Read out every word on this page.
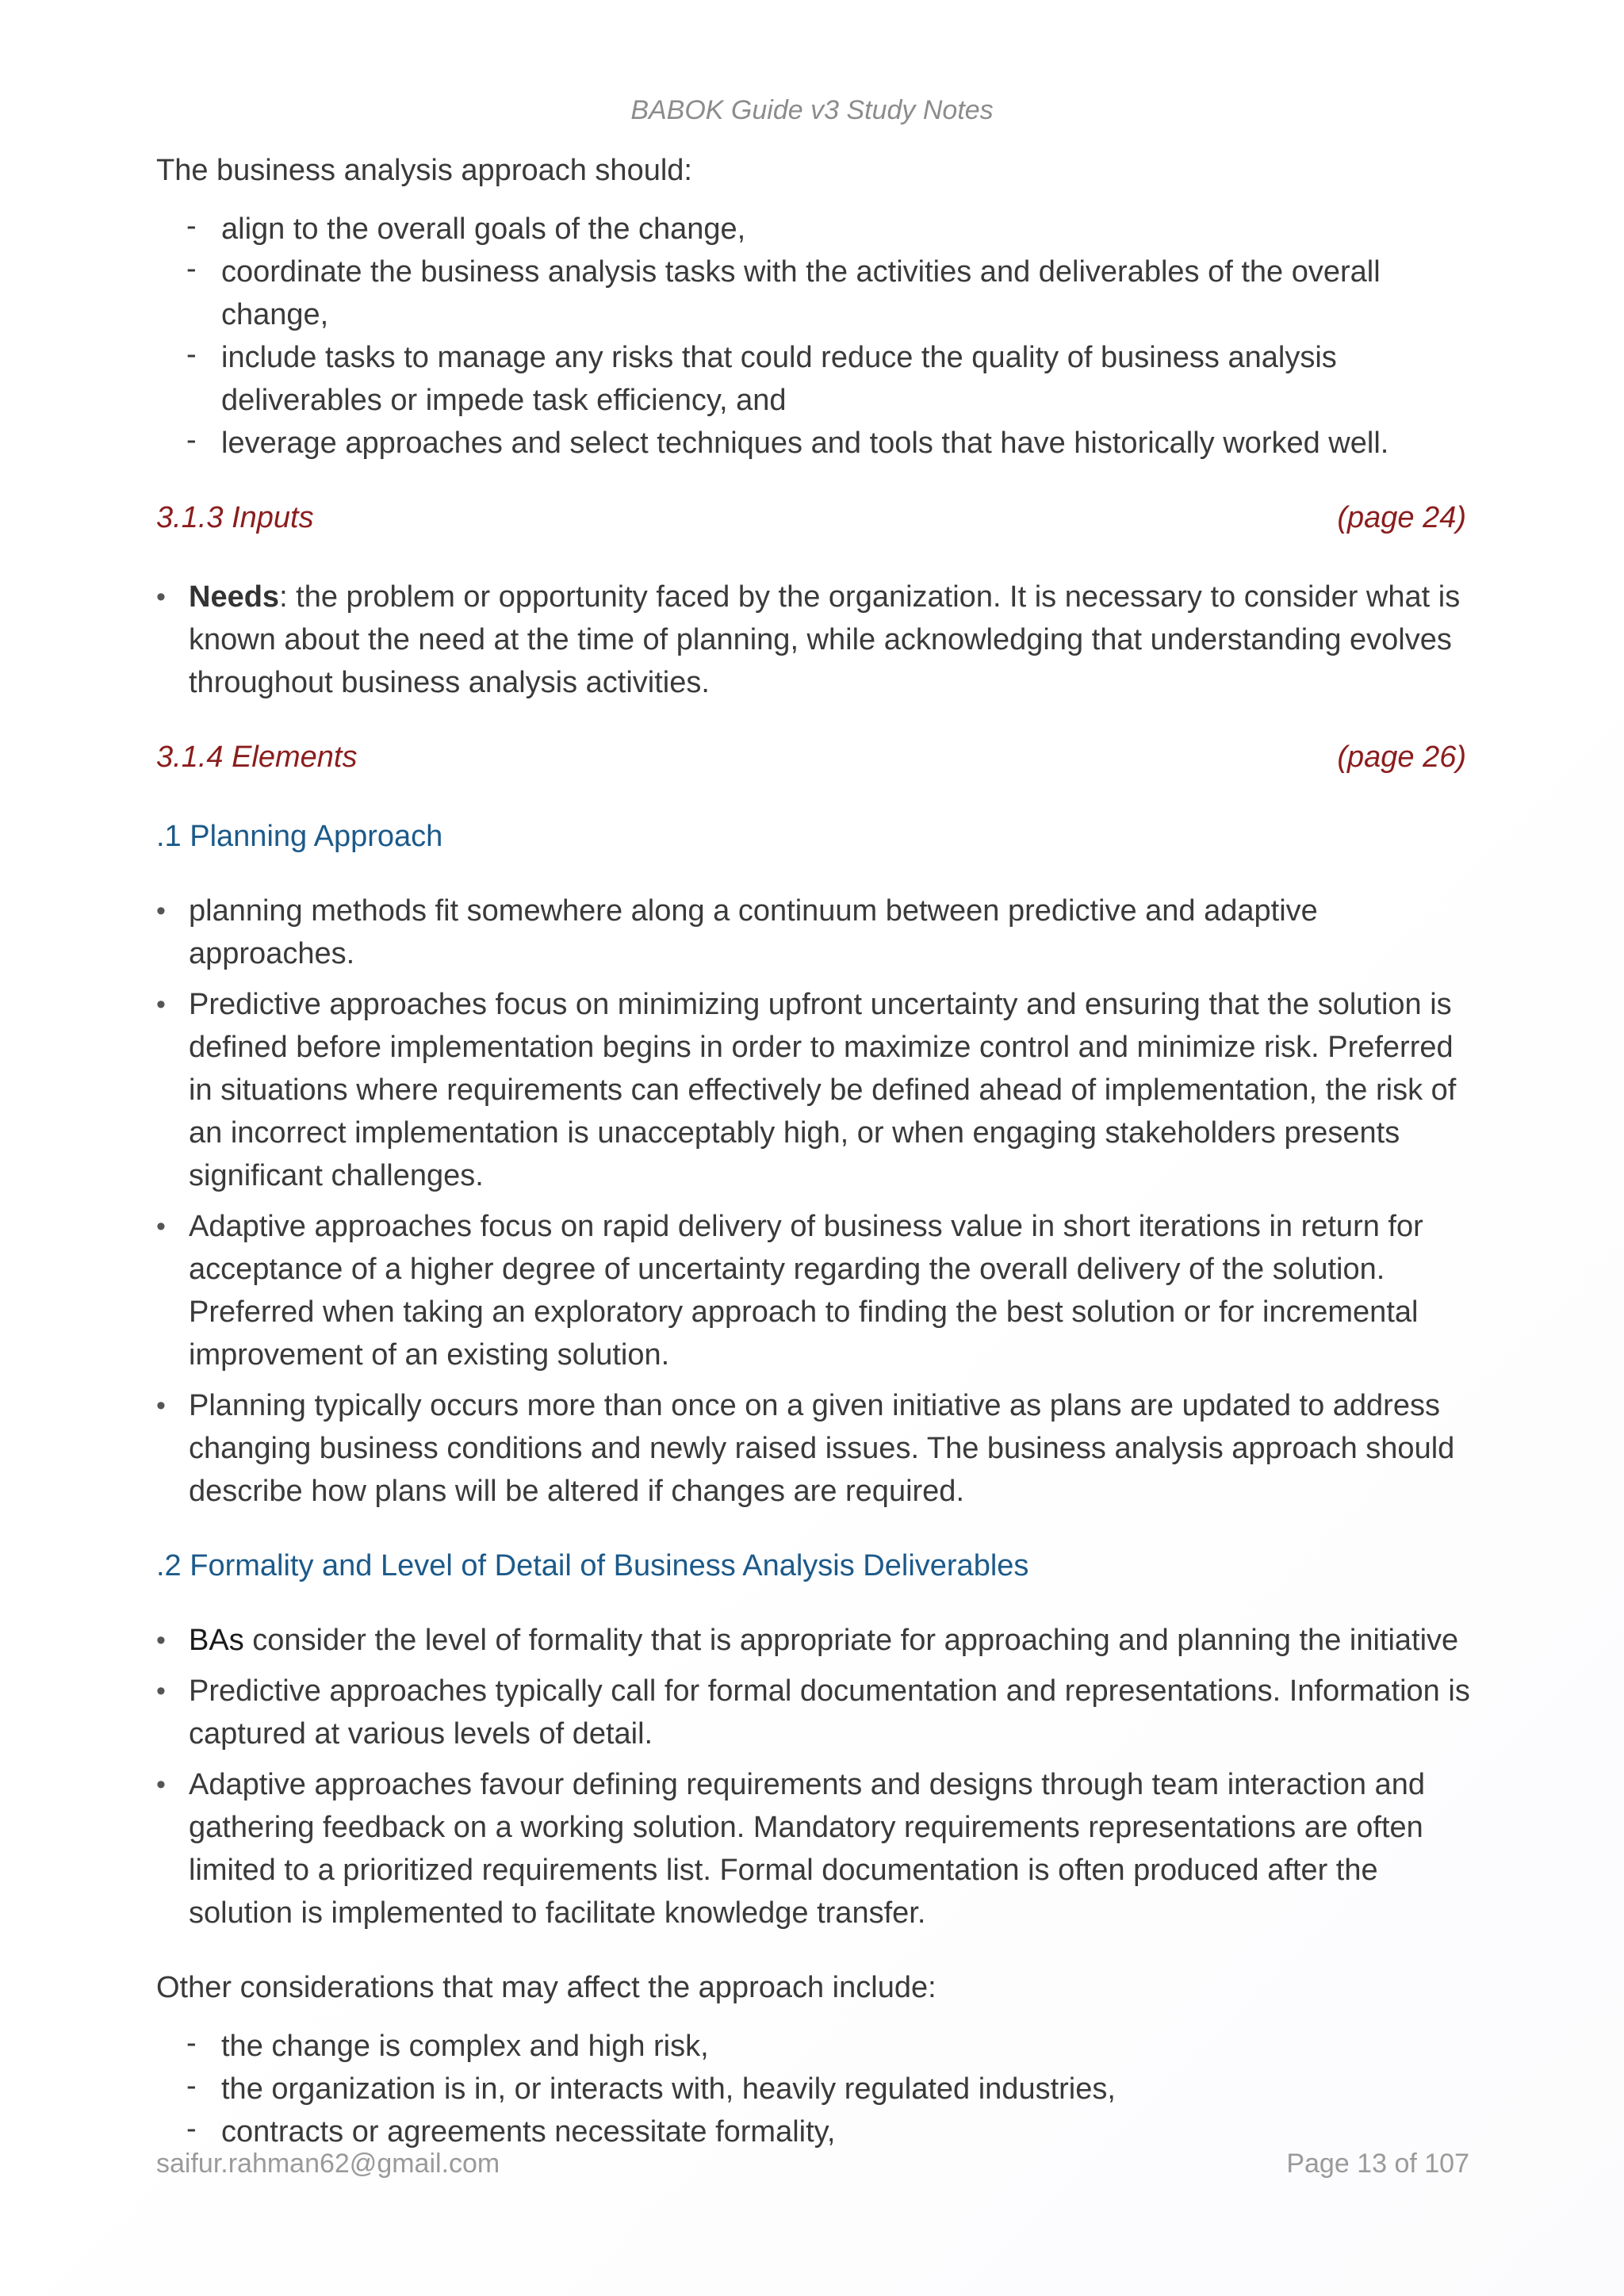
BABOK Guide v3 Study Notes

The business analysis approach should:

- align to the overall goals of the change,
- coordinate the business analysis tasks with the activities and deliverables of the overall change,
- include tasks to manage any risks that could reduce the quality of business analysis deliverables or impede task efficiency, and
- leverage approaches and select techniques and tools that have historically worked well.
3.1.3 Inputs	(page 24)
• Needs: the problem or opportunity faced by the organization. It is necessary to consider what is known about the need at the time of planning, while acknowledging that understanding evolves throughout business analysis activities.
3.1.4 Elements	(page 26)
.1 Planning Approach
• planning methods fit somewhere along a continuum between predictive and adaptive approaches.
• Predictive approaches focus on minimizing upfront uncertainty and ensuring that the solution is defined before implementation begins in order to maximize control and minimize risk. Preferred in situations where requirements can effectively be defined ahead of implementation, the risk of an incorrect implementation is unacceptably high, or when engaging stakeholders presents significant challenges.
• Adaptive approaches focus on rapid delivery of business value in short iterations in return for acceptance of a higher degree of uncertainty regarding the overall delivery of the solution. Preferred when taking an exploratory approach to finding the best solution or for incremental improvement of an existing solution.
• Planning typically occurs more than once on a given initiative as plans are updated to address changing business conditions and newly raised issues. The business analysis approach should describe how plans will be altered if changes are required.
.2 Formality and Level of Detail of Business Analysis Deliverables
• BAs consider the level of formality that is appropriate for approaching and planning the initiative
• Predictive approaches typically call for formal documentation and representations. Information is captured at various levels of detail.
• Adaptive approaches favour defining requirements and designs through team interaction and gathering feedback on a working solution. Mandatory requirements representations are often limited to a prioritized requirements list. Formal documentation is often produced after the solution is implemented to facilitate knowledge transfer.

Other considerations that may affect the approach include:

- the change is complex and high risk,
- the organization is in, or interacts with, heavily regulated industries,
- contracts or agreements necessitate formality,
saifur.rahman62@gmail.com	Page 13 of 107
